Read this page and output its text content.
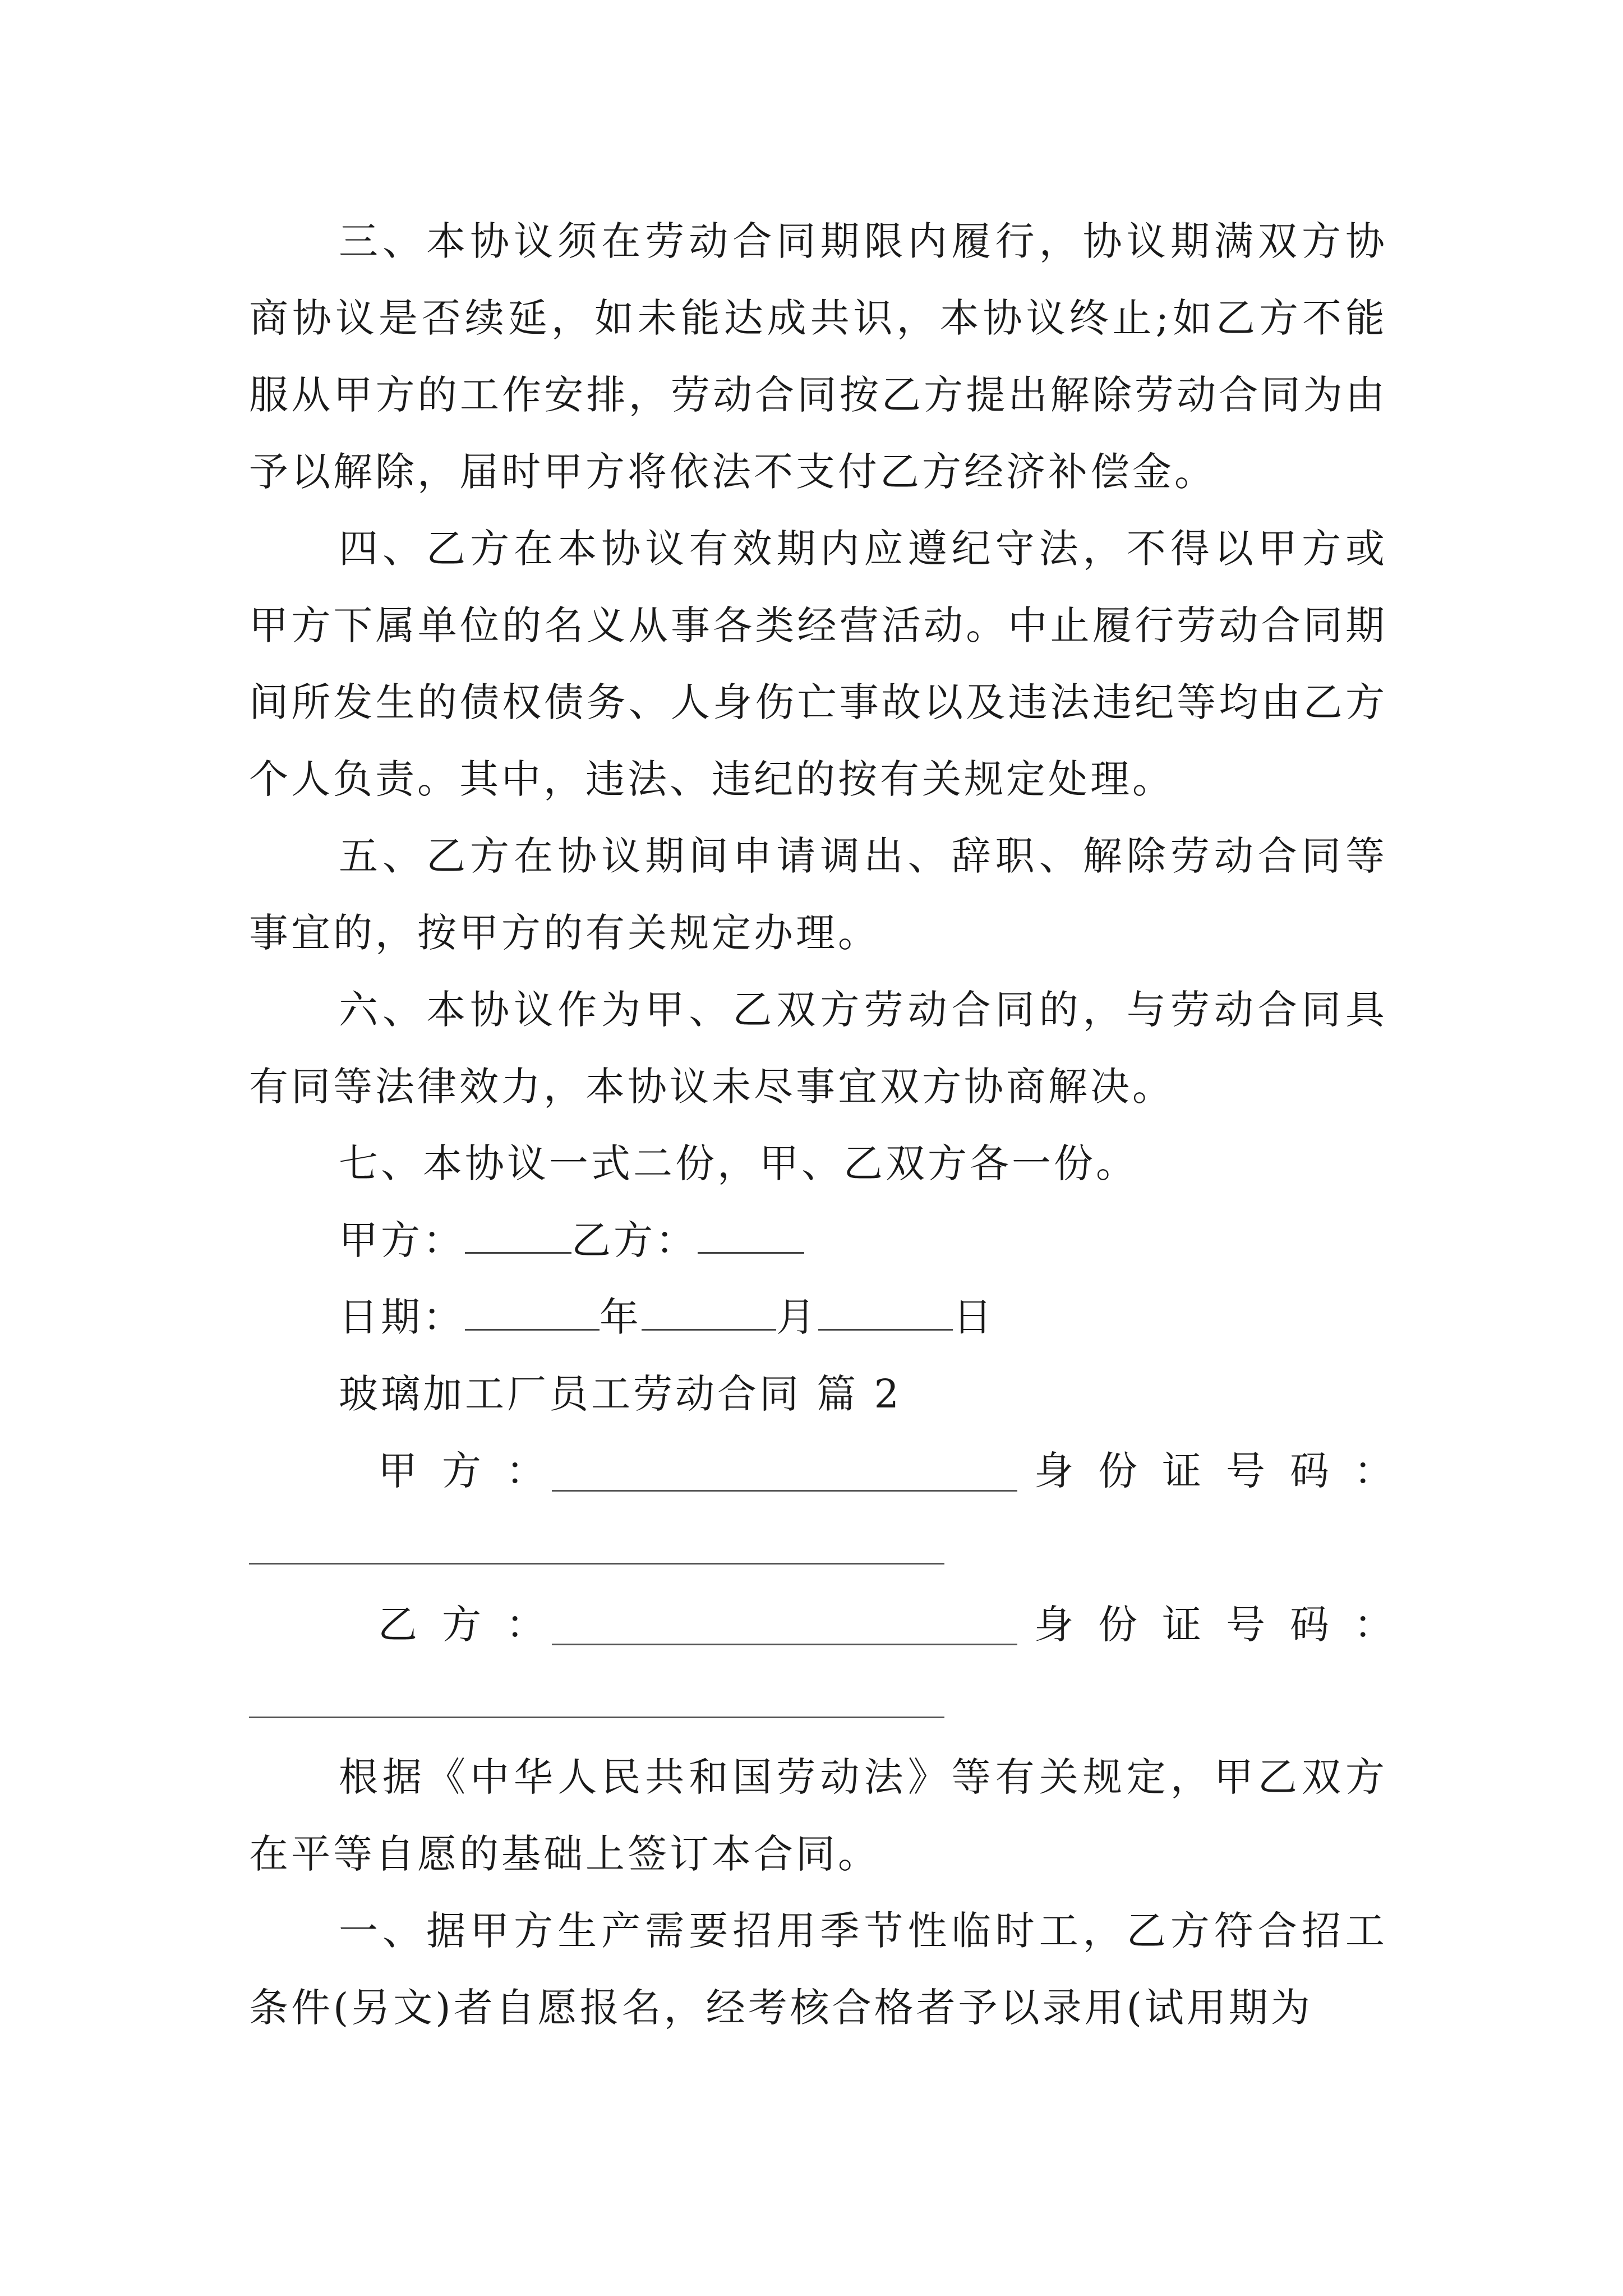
三、本协议须在劳动合同期限内履行，协议期满双方协商协议是否续延，如未能达成共识，本协议终止;如乙方不能服从甲方的工作安排，劳动合同按乙方提出解除劳动合同为由予以解除，届时甲方将依法不支付乙方经济补偿金。

四、乙方在本协议有效期内应遵纪守法，不得以甲方或甲方下属单位的名义从事各类经营活动。中止履行劳动合同期间所发生的债权债务、人身伤亡事故以及违法违纪等均由乙方个人负责。其中，违法、违纪的按有关规定处理。

五、乙方在协议期间申请调出、辞职、解除劳动合同等事宜的，按甲方的有关规定办理。

六、本协议作为甲、乙双方劳动合同的，与劳动合同具有同等法律效力，本协议未尽事宜双方协商解决。

七、本协议一式二份，甲、乙双方各一份。

甲方：	乙方：

日期：	年	月	日

玻璃加工厂员工劳动合同 篇 2

甲方：	身份证号码：
乙方：	身份证号码：

根据《中华人民共和国劳动法》等有关规定，甲乙双方在平等自愿的基础上签订本合同。

一、据甲方生产需要招用季节性临时工，乙方符合招工条件(另文)者自愿报名，经考核合格者予以录用(试用期为
